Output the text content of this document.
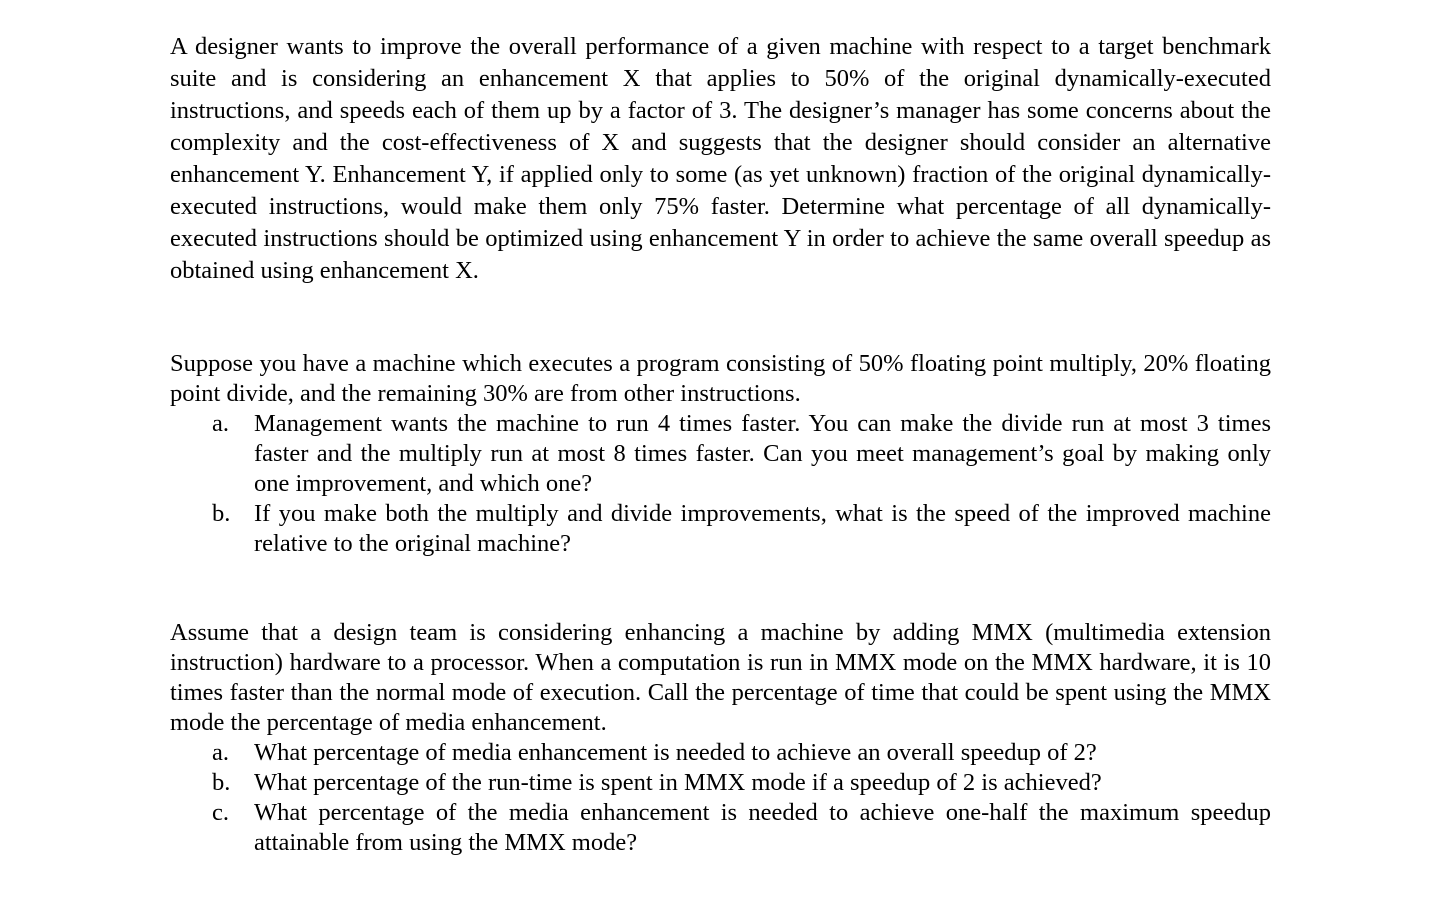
A designer wants to improve the overall performance of a given machine with respect to a target benchmark suite and is considering an enhancement X that applies to 50% of the original dynamically-executed instructions, and speeds each of them up by a factor of 3. The designer’s manager has some concerns about the complexity and the cost-effectiveness of X and suggests that the designer should consider an alternative enhancement Y. Enhancement Y, if applied only to some (as yet unknown) fraction of the original dynamically-executed instructions, would make them only 75% faster. Determine what percentage of all dynamically-executed instructions should be optimized using enhancement Y in order to achieve the same overall speedup as obtained using enhancement X.

Suppose you have a machine which executes a program consisting of 50% floating point multiply, 20% floating point divide, and the remaining 30% are from other instructions.

a. Management wants the machine to run 4 times faster. You can make the divide run at most 3 times faster and the multiply run at most 8 times faster. Can you meet management’s goal by making only one improvement, and which one?
b. If you make both the multiply and divide improvements, what is the speed of the improved machine relative to the original machine?

Assume that a design team is considering enhancing a machine by adding MMX (multimedia extension instruction) hardware to a processor. When a computation is run in MMX mode on the MMX hardware, it is 10 times faster than the normal mode of execution. Call the percentage of time that could be spent using the MMX mode the percentage of media enhancement.

a. What percentage of media enhancement is needed to achieve an overall speedup of 2?
b. What percentage of the run-time is spent in MMX mode if a speedup of 2 is achieved?
c. What percentage of the media enhancement is needed to achieve one-half the maximum speedup attainable from using the MMX mode?
